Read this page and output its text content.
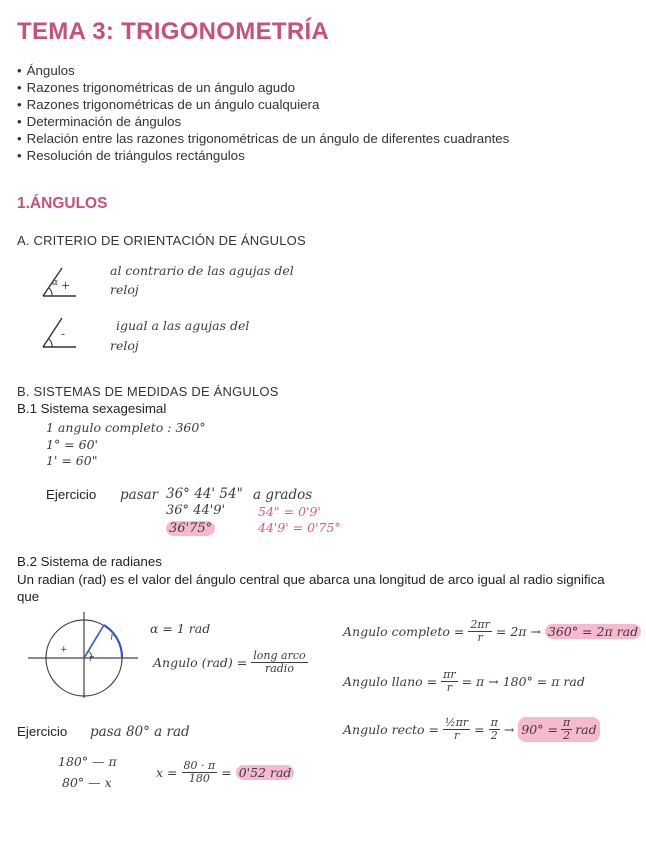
TEMA 3: TRIGONOMETRÍA
• Ángulos
• Razones trigonométricas de un ángulo agudo
• Razones trigonométricas de un ángulo cualquiera
• Determinación de ángulos
• Relación entre las razones trigonométricas de un ángulo de diferentes cuadrantes
• Resolución de triángulos rectángulos
1.ÁNGULOS
A. CRITERIO DE ORIENTACIÓN DE ÁNGULOS
α +
-
al contrario de las agujas del
reloj
igual a las agujas del
reloj
B. SISTEMAS DE MEDIDAS DE ÁNGULOS
B.1 Sistema sexagesimal
1 angulo completo : 360°
1° = 60'
1' = 60"
Ejercicio pasar 36° 44' 54" a grados
36° 44'9'	54" = 0'9'
44'9' = 0'75°
36'75°
B.2 Sistema de radianes
Un radian (rad) es el valor del ángulo central que abarca una longitud de arco igual al radio significa que
+
r
r
α = 1 rad
Angulo $(rad) = \frac{\text{long arco}}{\text{radio}}$
Angulo completo = $\frac{2\pi r}{r} = 2\pi \to 360^\circ = 2\pi$ rad
Angulo llano = $\frac{\pi r}{r} = \pi \to 180^\circ = \pi$ rad
Angulo recto = $\frac{\text{½πr}}{r} = \frac{\pi}{2} \to 90^\circ = \frac{\pi}{2}$ rad
Ejercicio pasa 80° a rad
180° — π
80° — x
$x = \frac{80 \cdot \pi}{180} = 0'52$ rad
